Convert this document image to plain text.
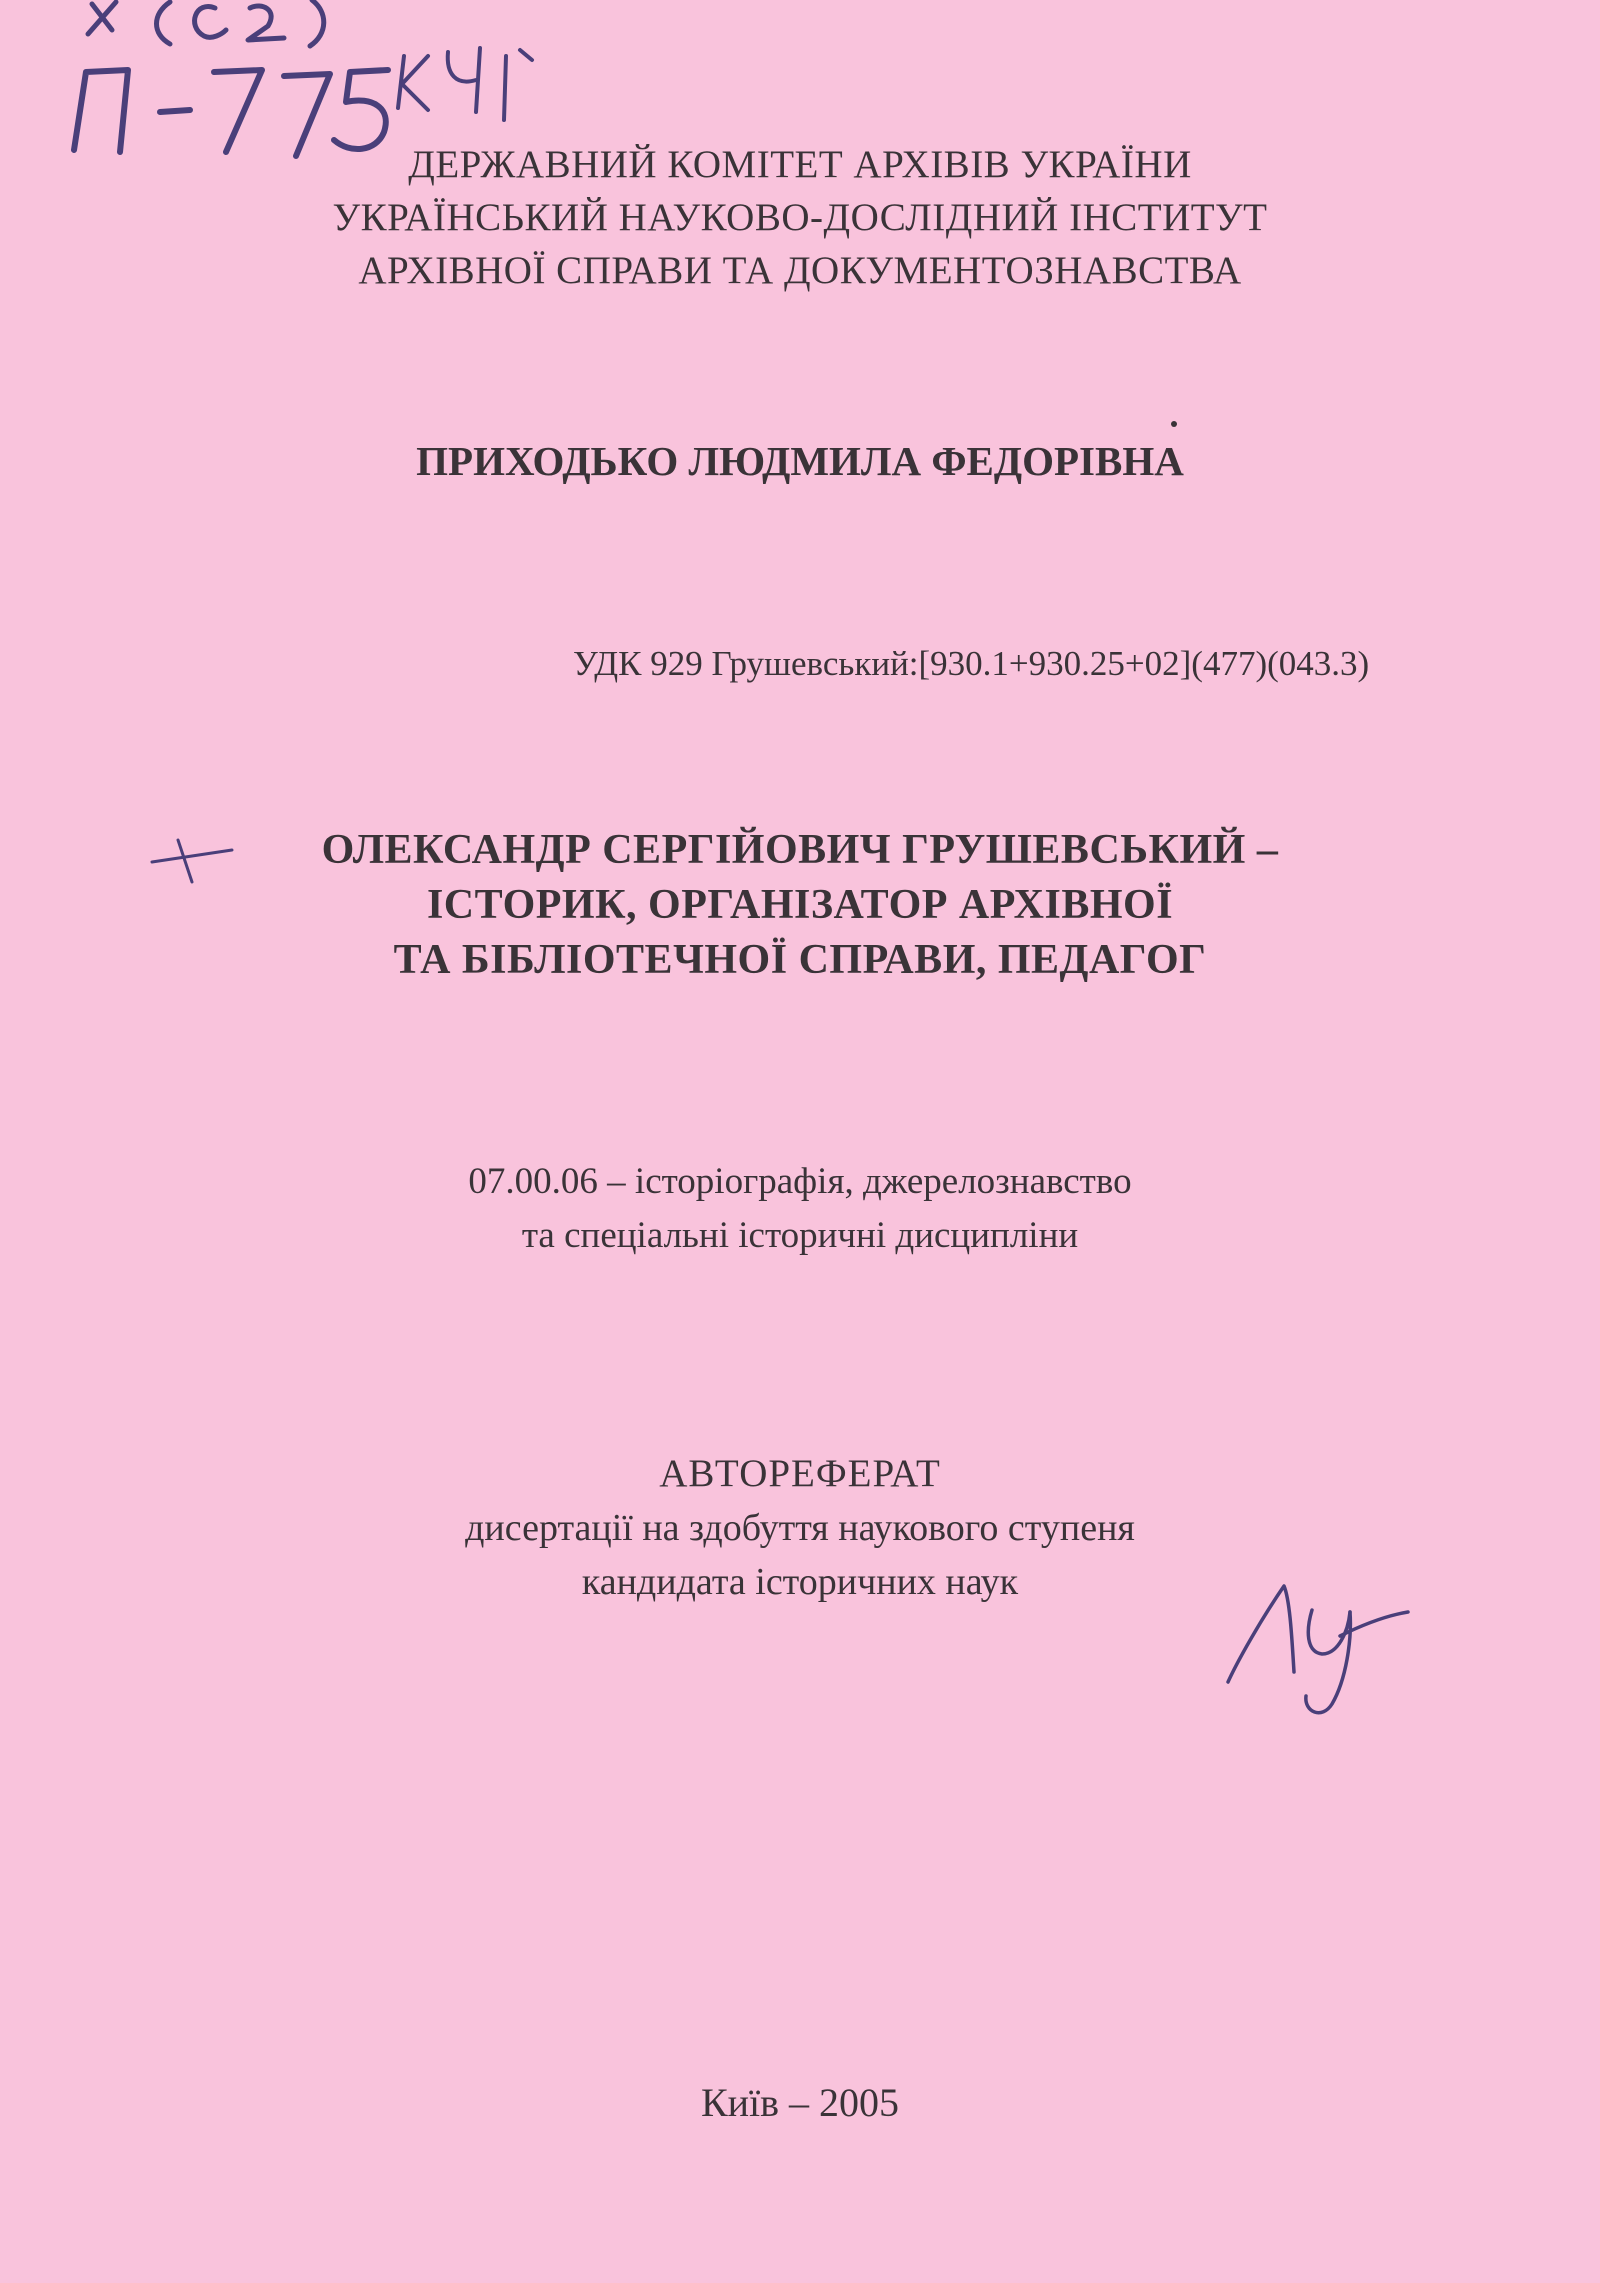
ДЕРЖАВНИЙ КОМІТЕТ АРХІВІВ УКРАЇНИ
УКРАЇНСЬКИЙ НАУКОВО-ДОСЛІДНИЙ ІНСТИТУТ
АРХІВНОЇ СПРАВИ ТА ДОКУМЕНТОЗНАВСТВА
ПРИХОДЬКО ЛЮДМИЛА ФЕДОРІВНА
УДК 929 Грушевський:[930.1+930.25+02](477)(043.3)
ОЛЕКСАНДР СЕРГІЙОВИЧ ГРУШЕВСЬКИЙ –
ІСТОРИК, ОРГАНІЗАТОР АРХІВНОЇ
ТА БІБЛІОТЕЧНОЇ СПРАВИ, ПЕДАГОГ
07.00.06 – історіографія, джерелознавство
та спеціальні історичні дисципліни
АВТОРЕФЕРАТ
дисертації на здобуття наукового ступеня
кандидата історичних наук
Київ – 2005
